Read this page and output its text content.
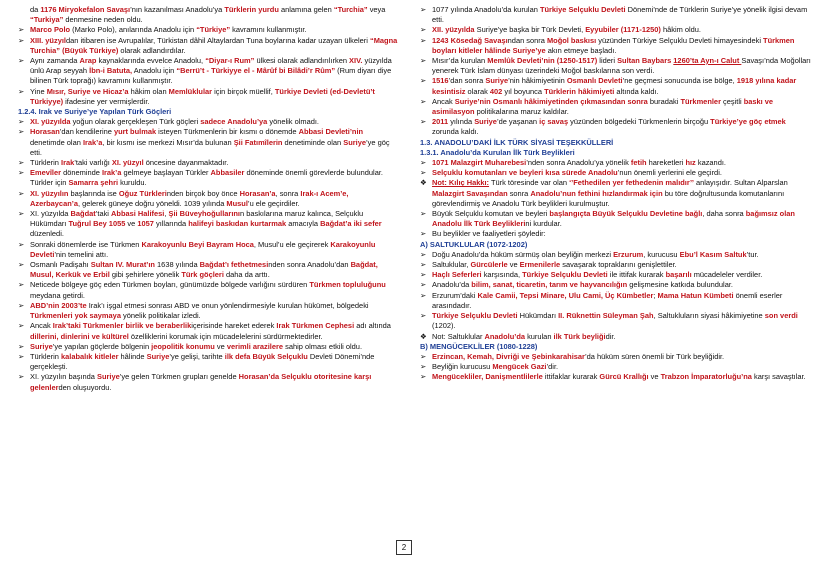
da 1176 Miryokefalon Savaşı’nın kazanılması Anadolu’ya Türklerin yurdu anlamına gelen “Turchia” veya “Turkiya” denmesine neden oldu.
➢ Marco Polo (Marko Polo), anılarında Anadolu için “Türkiye” kavramını kullanmıştır.
➢ XIII. yüzyıldan itibaren ise Avrupalılar, Türkistan dâhil Altaylardan Tuna boylarına kadar uzayan ülkeleri “Magna Turchia” (Büyük Türkiye) olarak adlandırdılar.
➢ Aynı zamanda Arap kaynaklarında evvelce Anadolu, “Diyar-ı Rum” ülkesi olarak adlandırılırken XIV. yüzyılda ünlü Arap seyyah İbn-i Batuta, Anadolu için “Berrü’t - Türkiyye el - Mârûf bi Bilâdi’r Rûm” (Rum diyarı diye bilinen Türk toprağı) kavramını kullanmıştır.
➢ Yine Mısır, Suriye ve Hicaz’a hâkim olan Memlüklular için birçok müellif, Türkiye Devleti (ed-Devletü’t Türkiyye) ifadesine yer vermişlerdir.
1.2.4. Irak ve Suriye’ye Yapılan Türk Göçleri
➢ XI. yüzyılda yoğun olarak gerçekleşen Türk göçleri sadece Anadolu’ya yönelik olmadı.
➢ Horasan’dan kendilerine yurt bulmak isteyen Türkmenlerin bir kısmı o dönemde Abbasi Devleti’nin denetimde olan Irak’a, bir kısmı ise merkezi Mısır’da bulunan Şii Fatımîlerin denetiminde olan Suriye’ye göç etti.
➢ Türklerin Irak’taki varlığı XI. yüzyıl öncesine dayanmaktadır.
➢ Emevîler döneminde Irak’a gelmeye başlayan Türkler Abbasiler döneminde önemli görevlerde bulundular. Türkler için Samarra şehri kuruldu.
➢ XI. yüzyılın başlarında ise Oğuz Türklerinden birçok boy önce Horasan’a, sonra Irak-ı Acem’e, Azerbaycan’a, gelerek güneye doğru yöneldi. 1039 yılında Musul’u ele geçirdiler.
➢ XI. yüzyılda Bağdat’taki Abbasi Halifesi, Şii Büveyhoğullarının baskılarına maruz kalınca, Selçuklu Hükümdarı Tuğrul Bey 1055 ve 1057 yıllarında halifeyi baskıdan kurtarmak amacıyla Bağdat’a iki sefer düzenledi.
➢ Sonraki dönemlerde ise Türkmen Karakoyunlu Beyi Bayram Hoca, Musul’u ele geçirerek Karakoyunlu Devleti’nin temelini attı.
➢ Osmanlı Padişahı Sultan IV. Murat’ın 1638 yılında Bağdat’ı fethetmesinden sonra Anadolu’dan Bağdat, Musul, Kerkük ve Erbil gibi şehirlere yönelik Türk göçleri daha da arttı.
➢ Neticede bölgeye göç eden Türkmen boyları, günümüzde bölgede varlığını sürdüren Türkmen topluluğunu meydana getirdi.
➢ ABD’nin 2003’te Irak’ı işgal etmesi sonrası ABD ve onun yönlendirmesiyle kurulan hükümet, bölgedeki Türkmenleri yok saymaya yönelik politikalar izledi.
➢ Ancak Irak’taki Türkmenler birlik ve beraberlikiçerisinde hareket ederek Irak Türkmen Cephesi adı altında dillerini, dinlerini ve kültürel özelliklerini korumak için mücadelelerini sürdürmektedirler.
➢ Suriye’ye yapılan göçlerde bölgenin jeopolitik konumu ve verimli arazilere sahip olması etkili oldu.
➢ Türklerin kalabalık kitleler hâlinde Suriye’ye gelişi, tarihte ilk defa Büyük Selçuklu Devleti Dönemi’nde gerçekleşti.
➢ XI. yüzyılın başında Suriye’ye gelen Türkmen grupları genelde Horasan’da Selçuklu otoritesine karşı gelenlerden oluşuyordu.
➢ 1077 yılında Anadolu’da kurulan Türkiye Selçuklu Devleti Dönemi’nde de Türklerin Suriye’ye yönelik ilgisi devam etti.
➢ XII. yüzyılda Suriye’ye başka bir Türk Devleti, Eyyubiler (1171-1250) hâkim oldu.
➢ 1243 Kösedağ Savaşından sonra Moğol baskısı yüzünden Türkiye Selçuklu Devleti himayesindeki Türkmen boyları kitleler hâlinde Suriye’ye akın etmeye başladı.
➢ Mısır’da kurulan Memlûk Devleti’nin (1250-1517) lideri Sultan Baybars 1260’ta Ayn-ı Calut Savaşı’nda Moğolları yenerek Türk İslam dünyası üzerindeki Moğol baskılarına son verdi.
➢ 1516’dan sonra Suriye’nin hâkimiyetinin Osmanlı Devleti’ne geçmesi sonucunda ise bölge, 1918 yılına kadar kesintisiz olarak 402 yıl boyunca Türklerin hâkimiyeti altında kaldı.
➢ Ancak Suriye’nin Osmanlı hâkimiyetinden çıkmasından sonra buradaki Türkmenler çeşitli baskı ve asimilasyon politikalarına maruz kaldılar.
➢ 2011 yılında Suriye’de yaşanan iç savaş yüzünden bölgedeki Türkmenlerin birçoğu Türkiye’ye göç etmek zorunda kaldı.
1.3. ANADOLU’DAKİ İLK TÜRK SİYASİ TEŞEKKÜLLERİ
1.3.1. Anadolu’da Kurulan İlk Türk Beylikleri
➢ 1071 Malazgirt Muharebesi’nden sonra Anadolu’ya yönelik fetih hareketleri hız kazandı.
➢ Selçuklu komutanları ve beyleri kısa sürede Anadolu’nun önemli yerlerini ele geçirdi.
❖ Not: Kılıç Hakkı: Türk töresinde var olan ‘’Fethedilen yer fethedenin malıdır’’ anlayışıdır. Sultan Alparslan Malazgirt Savaşından sonra Anadolu’nun fethini hızlandırmak için bu töre doğrultusunda komutanlarını görevlendirmiş ve Anadolu Türk beylikleri kurulmuştur.
➢ Büyük Selçuklu komutan ve beyleri başlangıçta Büyük Selçuklu Devletine bağlı, daha sonra bağımsız olan Anadolu İlk Türk Beyliklerini kurdular.
➢ Bu beylikler ve faaliyetleri şöyledir:
A) SALTUKLULAR (1072-1202)
➢ Doğu Anadolu’da hüküm sürmüş olan beyliğin merkezi Erzurum, kurucusu Ebu’l Kasım Saltuk’tur.
➢ Saltuklular, Gürcülerle ve Ermenilerle savaşarak topraklarını genişlettiler.
➢ Haçlı Seferleri karşısında, Türkiye Selçuklu Devleti ile ittifak kurarak başarılı mücadeleler verdiler.
➢ Anadolu’da bilim, sanat, ticaretin, tarım ve hayvancılığın gelişmesine katkıda bulundular.
➢ Erzurum’daki Kale Camii, Tepsi Minare, Ulu Cami, Üç Kümbetler; Mama Hatun Kümbeti önemli eserler arasındadır.
➢ Türkiye Selçuklu Devleti Hükümdarı II. Rüknettin Süleyman Şah, Saltukluların siyasi hâkimiyetine son verdi (1202).
❖ Not: Saltuklular Anadolu’da kurulan ilk Türk beyliğidir.
B) MENGÜCEKLİLER (1080-1228)
➢ Erzincan, Kemah, Divriği ve Şebinkarahisar’da hüküm süren önemli bir Türk beyliğidir.
➢ Beyliğin kurucusu Mengücek Gazi’dir.
➢ Mengücekliler, Danişmentlilerle ittifaklar kurarak Gürcü Krallığı ve Trabzon İmparatorluğu’na karşı savaştılar.
2
